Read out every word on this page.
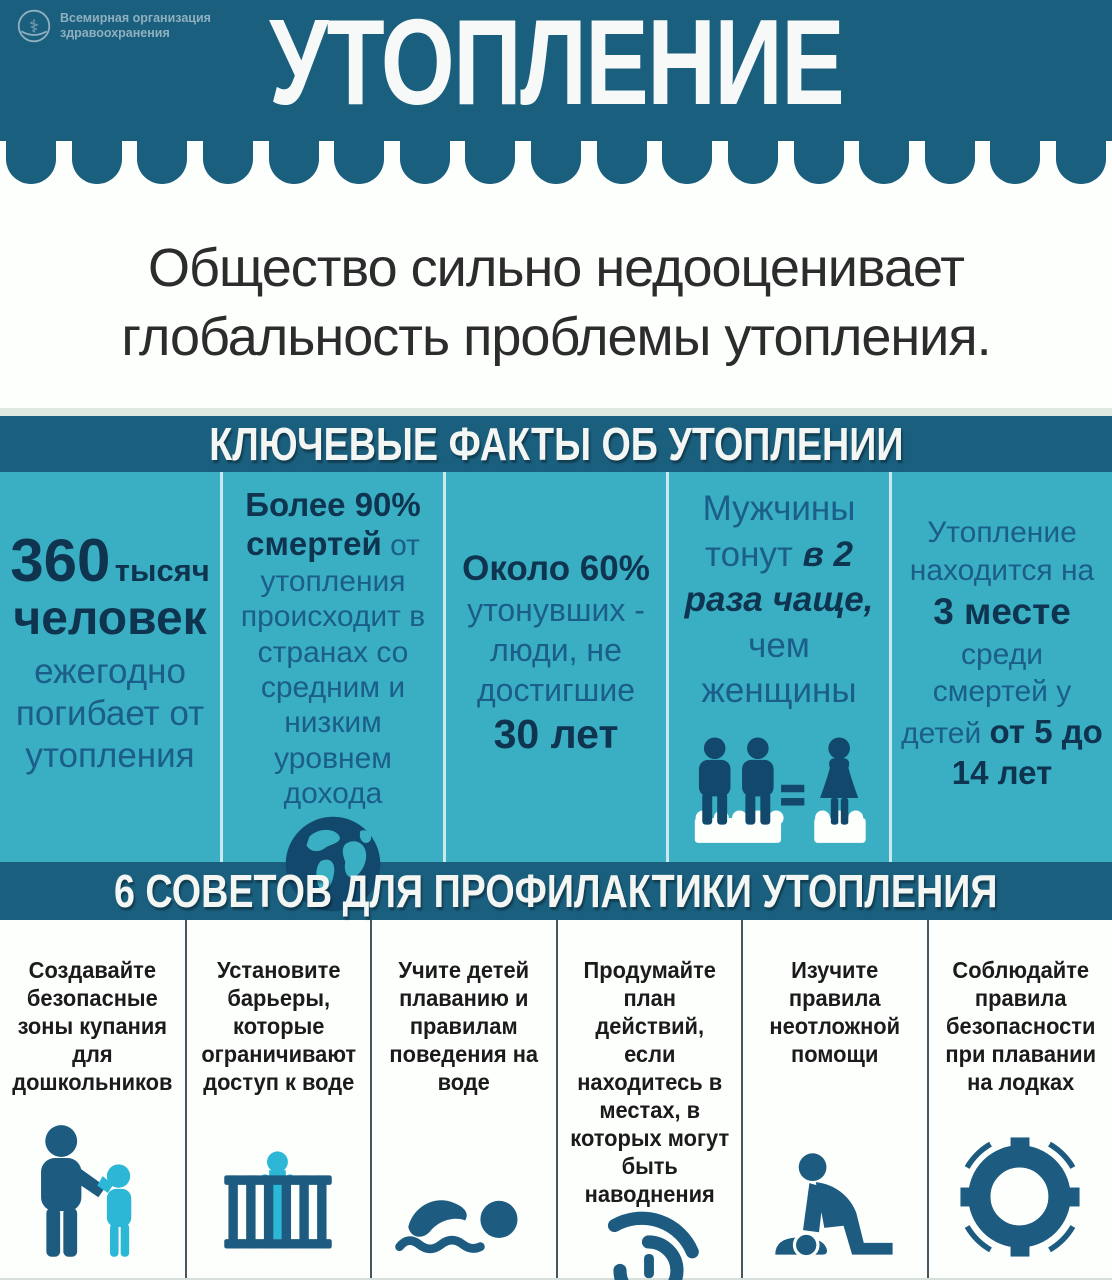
⚕ Всемирная организация
здравоохранения УТОПЛЕНИЕ
Общество сильно недооценивает
глобальность проблемы утопления.
КЛЮЧЕВЫЕ ФАКТЫ ОБ УТОПЛЕНИИ
360 тысяч
человек
ежегодно погибает от утопления
Более 90% смертей от утопления происходит в странах со средним и низким уровнем дохода
Около 60%
утонувших - люди, не достигшие
30 лет
Мужчины тонут в 2 раза чаще, чем женщины
Утопление находится на 3 месте среди смертей у детей от 5 до 14 лет
6 СОВЕТОВ ДЛЯ ПРОФИЛАКТИКИ УТОПЛЕНИЯ
Создавайте безопасные зоны купания для дошкольников
Установите барьеры, которые ограничивают доступ к воде
Учите детей плаванию и правилам поведения на воде
Продумайте план действий, если находитесь в местах, в которых могут быть наводнения
Изучите правила неотложной помощи
Соблюдайте правила безопасности при плавании на лодках
